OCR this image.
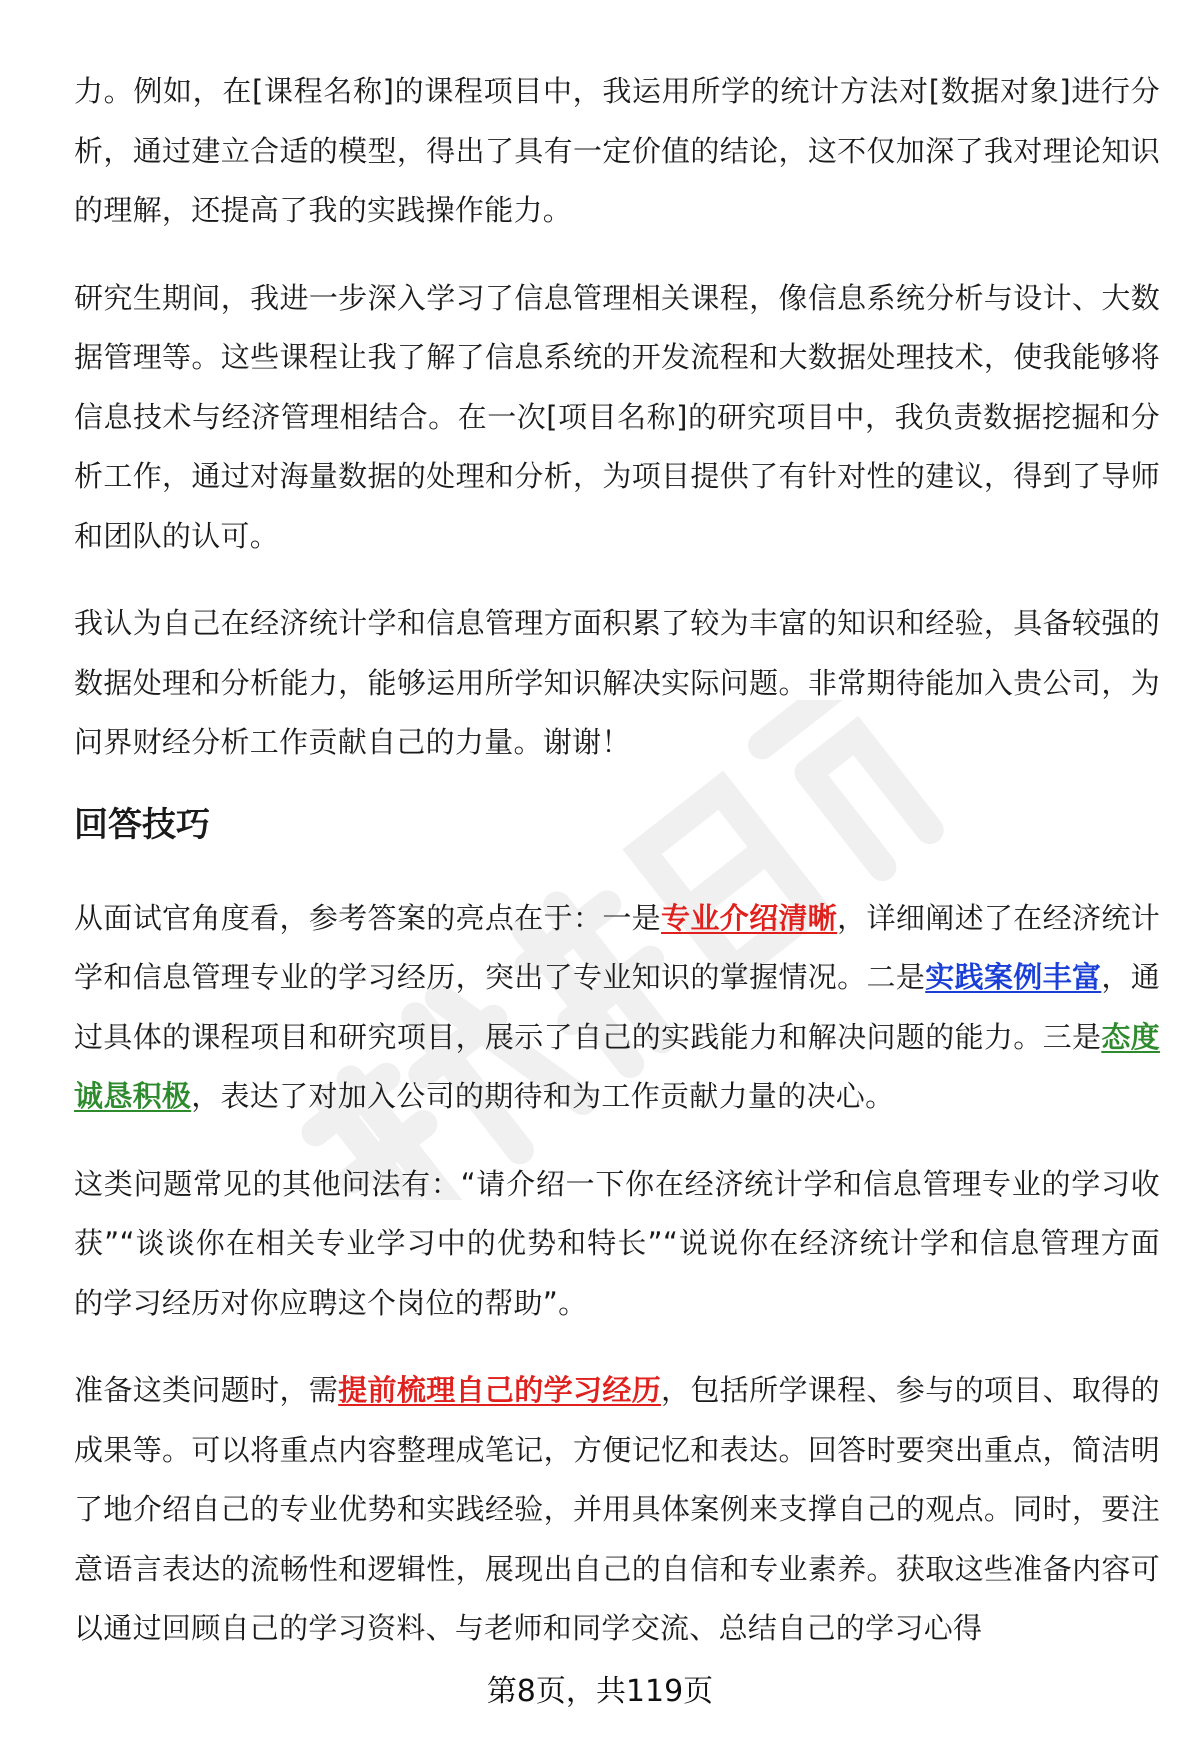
力。例如，在[课程名称]的课程项目中，我运用所学的统计方法对[数据对象]进行分析，通过建立合适的模型，得出了具有一定价值的结论，这不仅加深了我对理论知识的理解，还提高了我的实践操作能力。

研究生期间，我进一步深入学习了信息管理相关课程，像信息系统分析与设计、大数据管理等。这些课程让我了解了信息系统的开发流程和大数据处理技术，使我能够将信息技术与经济管理相结合。在一次[项目名称]的研究项目中，我负责数据挖掘和分析工作，通过对海量数据的处理和分析，为项目提供了有针对性的建议，得到了导师和团队的认可。

我认为自己在经济统计学和信息管理方面积累了较为丰富的知识和经验，具备较强的数据处理和分析能力，能够运用所学知识解决实际问题。非常期待能加入贵公司，为问界财经分析工作贡献自己的力量。谢谢！

回答技巧

从面试官角度看，参考答案的亮点在于：一是专业介绍清晰，详细阐述了在经济统计学和信息管理专业的学习经历，突出了专业知识的掌握情况。二是实践案例丰富，通过具体的课程项目和研究项目，展示了自己的实践能力和解决问题的能力。三是态度诚恳积极，表达了对加入公司的期待和为工作贡献力量的决心。

这类问题常见的其他问法有：“请介绍一下你在经济统计学和信息管理专业的学习收获”“谈谈你在相关专业学习中的优势和特长”“说说你在经济统计学和信息管理方面的学习经历对你应聘这个岗位的帮助”。

准备这类问题时，需提前梳理自己的学习经历，包括所学课程、参与的项目、取得的成果等。可以将重点内容整理成笔记，方便记忆和表达。回答时要突出重点，简洁明了地介绍自己的专业优势和实践经验，并用具体案例来支撑自己的观点。同时，要注意语言表达的流畅性和逻辑性，展现出自己的自信和专业素养。获取这些准备内容可以通过回顾自己的学习资料、与老师和同学交流、总结自己的学习心得

第8页，共119页
